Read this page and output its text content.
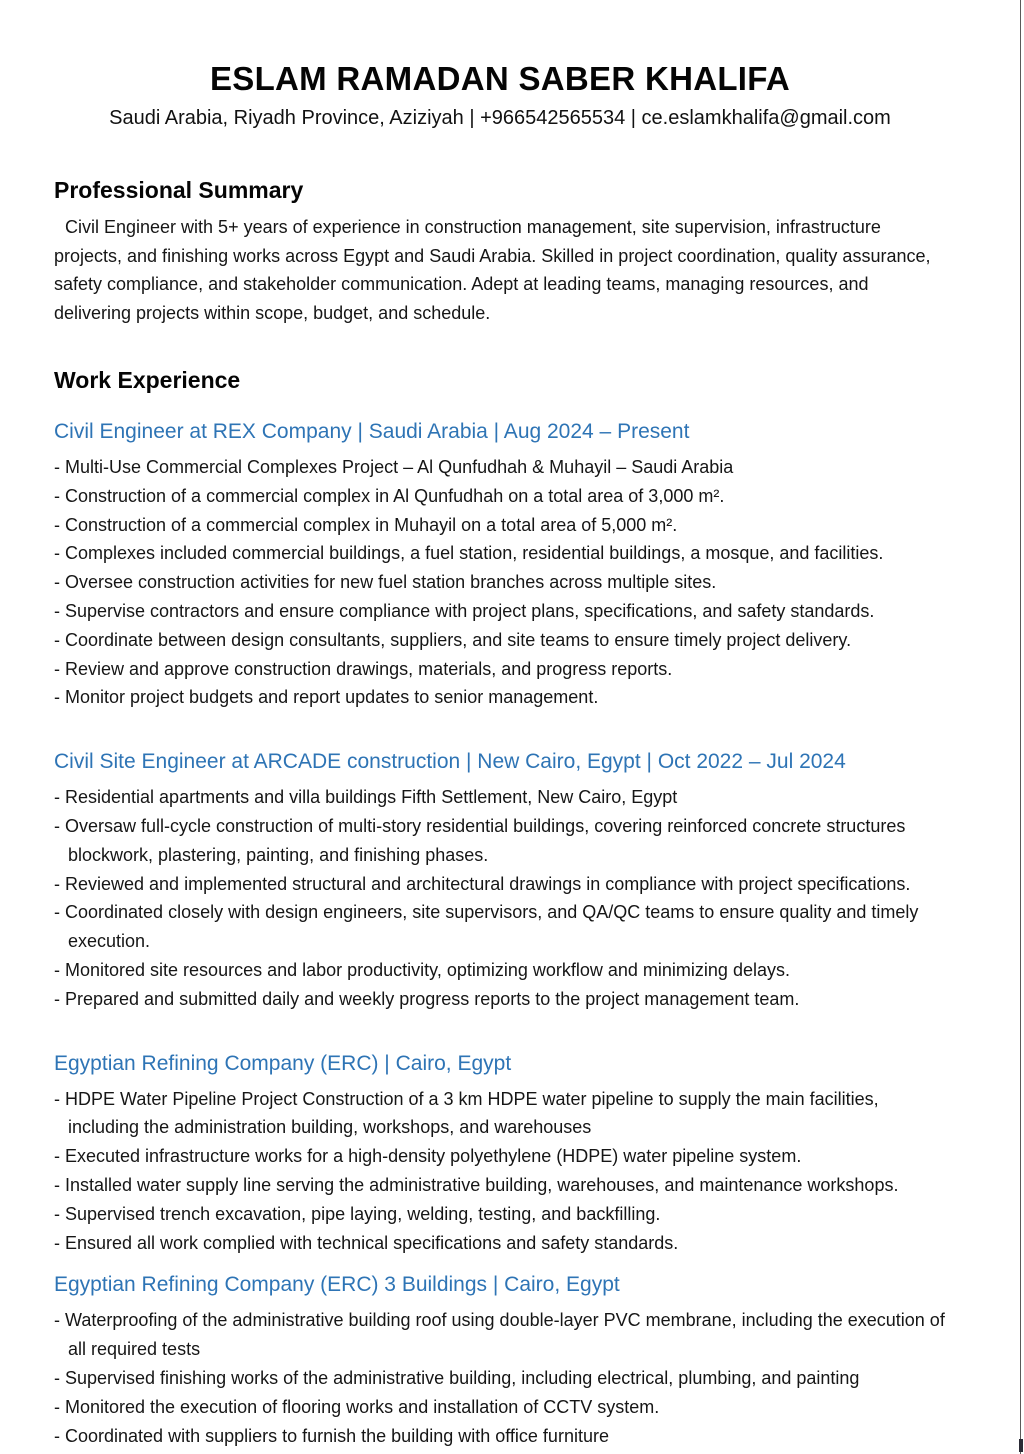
ESLAM RAMADAN SABER KHALIFA
Saudi Arabia, Riyadh Province, Aziziyah | +966542565534 | ce.eslamkhalifa@gmail.com
Professional Summary

Civil Engineer with 5+ years of experience in construction management, site supervision, infrastructure projects, and finishing works across Egypt and Saudi Arabia. Skilled in project coordination, quality assurance, safety compliance, and stakeholder communication. Adept at leading teams, managing resources, and delivering projects within scope, budget, and schedule.

Work Experience
Civil Engineer at REX Company | Saudi Arabia | Aug 2024 – Present
- Multi-Use Commercial Complexes Project – Al Qunfudhah & Muhayil – Saudi Arabia
- Construction of a commercial complex in Al Qunfudhah on a total area of 3,000 m².
- Construction of a commercial complex in Muhayil on a total area of 5,000 m².
- Complexes included commercial buildings, a fuel station, residential buildings, a mosque, and facilities.
- Oversee construction activities for new fuel station branches across multiple sites.
- Supervise contractors and ensure compliance with project plans, specifications, and safety standards.
- Coordinate between design consultants, suppliers, and site teams to ensure timely project delivery.
- Review and approve construction drawings, materials, and progress reports.
- Monitor project budgets and report updates to senior management.
Civil Site Engineer at ARCADE construction | New Cairo, Egypt | Oct 2022 – Jul 2024
- Residential apartments and villa buildings Fifth Settlement, New Cairo, Egypt
- Oversaw full-cycle construction of multi-story residential buildings, covering reinforced concrete structures blockwork, plastering, painting, and finishing phases.
- Reviewed and implemented structural and architectural drawings in compliance with project specifications.
- Coordinated closely with design engineers, site supervisors, and QA/QC teams to ensure quality and timely execution.
- Monitored site resources and labor productivity, optimizing workflow and minimizing delays.
- Prepared and submitted daily and weekly progress reports to the project management team.
Egyptian Refining Company (ERC) | Cairo, Egypt
- HDPE Water Pipeline Project Construction of a 3 km HDPE water pipeline to supply the main facilities, including the administration building, workshops, and warehouses
- Executed infrastructure works for a high-density polyethylene (HDPE) water pipeline system.
- Installed water supply line serving the administrative building, warehouses, and maintenance workshops.
- Supervised trench excavation, pipe laying, welding, testing, and backfilling.
- Ensured all work complied with technical specifications and safety standards.
Egyptian Refining Company (ERC) 3 Buildings | Cairo, Egypt
- Waterproofing of the administrative building roof using double-layer PVC membrane, including the execution of all required tests
- Supervised finishing works of the administrative building, including electrical, plumbing, and painting
- Monitored the execution of flooring works and installation of CCTV system.
- Coordinated with suppliers to furnish the building with office furniture
